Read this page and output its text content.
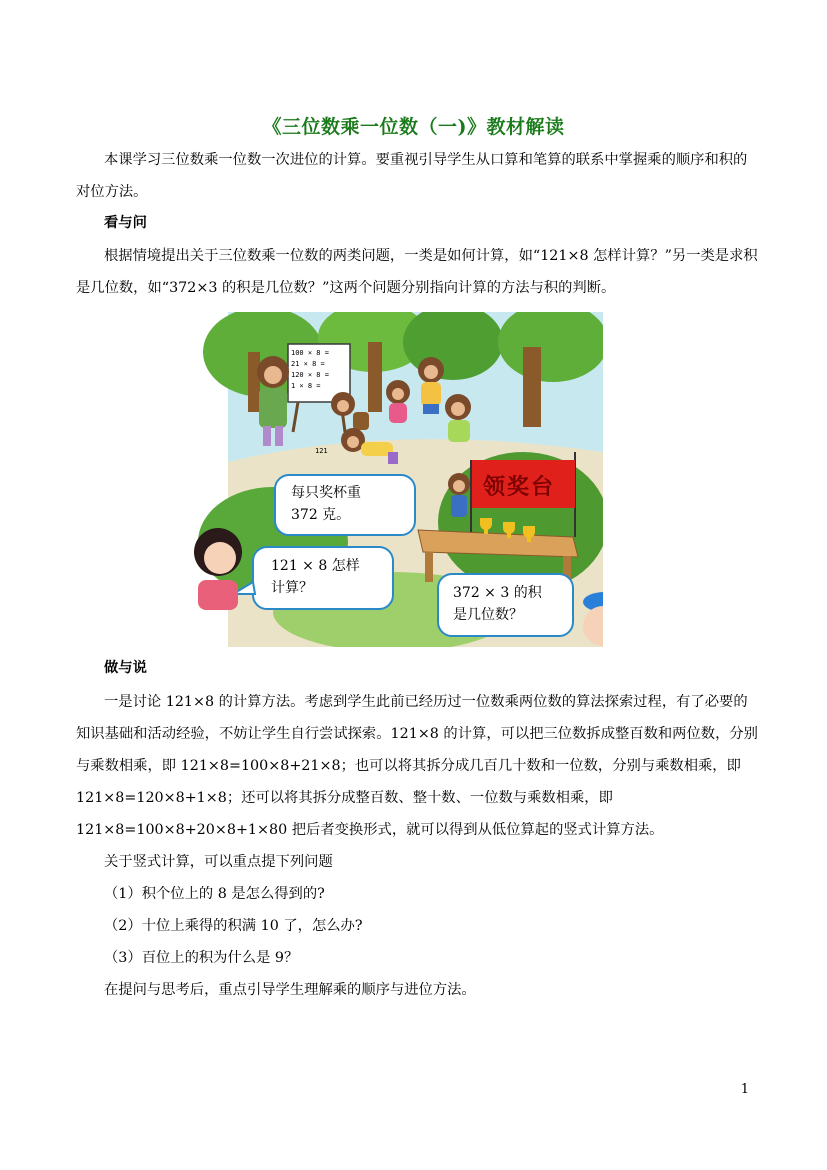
《三位数乘一位数（一)》教材解读

本课学习三位数乘一位数一次进位的计算。要重视引导学生从口算和笔算的联系中掌握乘的顺序和积的对位方法。

看与问

根据情境提出关于三位数乘一位数的两类问题，一类是如何计算，如“121×8 怎样计算？”另一类是求积是几位数，如“372×3 的积是几位数？”这两个问题分别指向计算的方法与积的判断。

100 × 8 =
21 × 8 =
120 × 8 =
1 × 8 =
领奖台
每只奖杯重
372 克。
121 × 8 怎样
计算？	372 × 3 的积
是几位数？
121
做与说

一是讨论 121×8 的计算方法。考虑到学生此前已经历过一位数乘两位数的算法探索过程，有了必要的知识基础和活动经验，不妨让学生自行尝试探索。121×8 的计算，可以把三位数拆成整百数和两位数，分别与乘数相乘，即 121×8=100×8+21×8；也可以将其拆分成几百几十数和一位数，分别与乘数相乘，即 121×8=120×8+1×8；还可以将其拆分成整百数、整十数、一位数与乘数相乘，即 121×8=100×8+20×8+1×80 把后者变换形式，就可以得到从低位算起的竖式计算方法。

关于竖式计算，可以重点提下列问题

（1）积个位上的 8 是怎么得到的?

（2）十位上乘得的积满 10 了，怎么办?

（3）百位上的积为什么是 9？

在提问与思考后，重点引导学生理解乘的顺序与进位方法。

1
